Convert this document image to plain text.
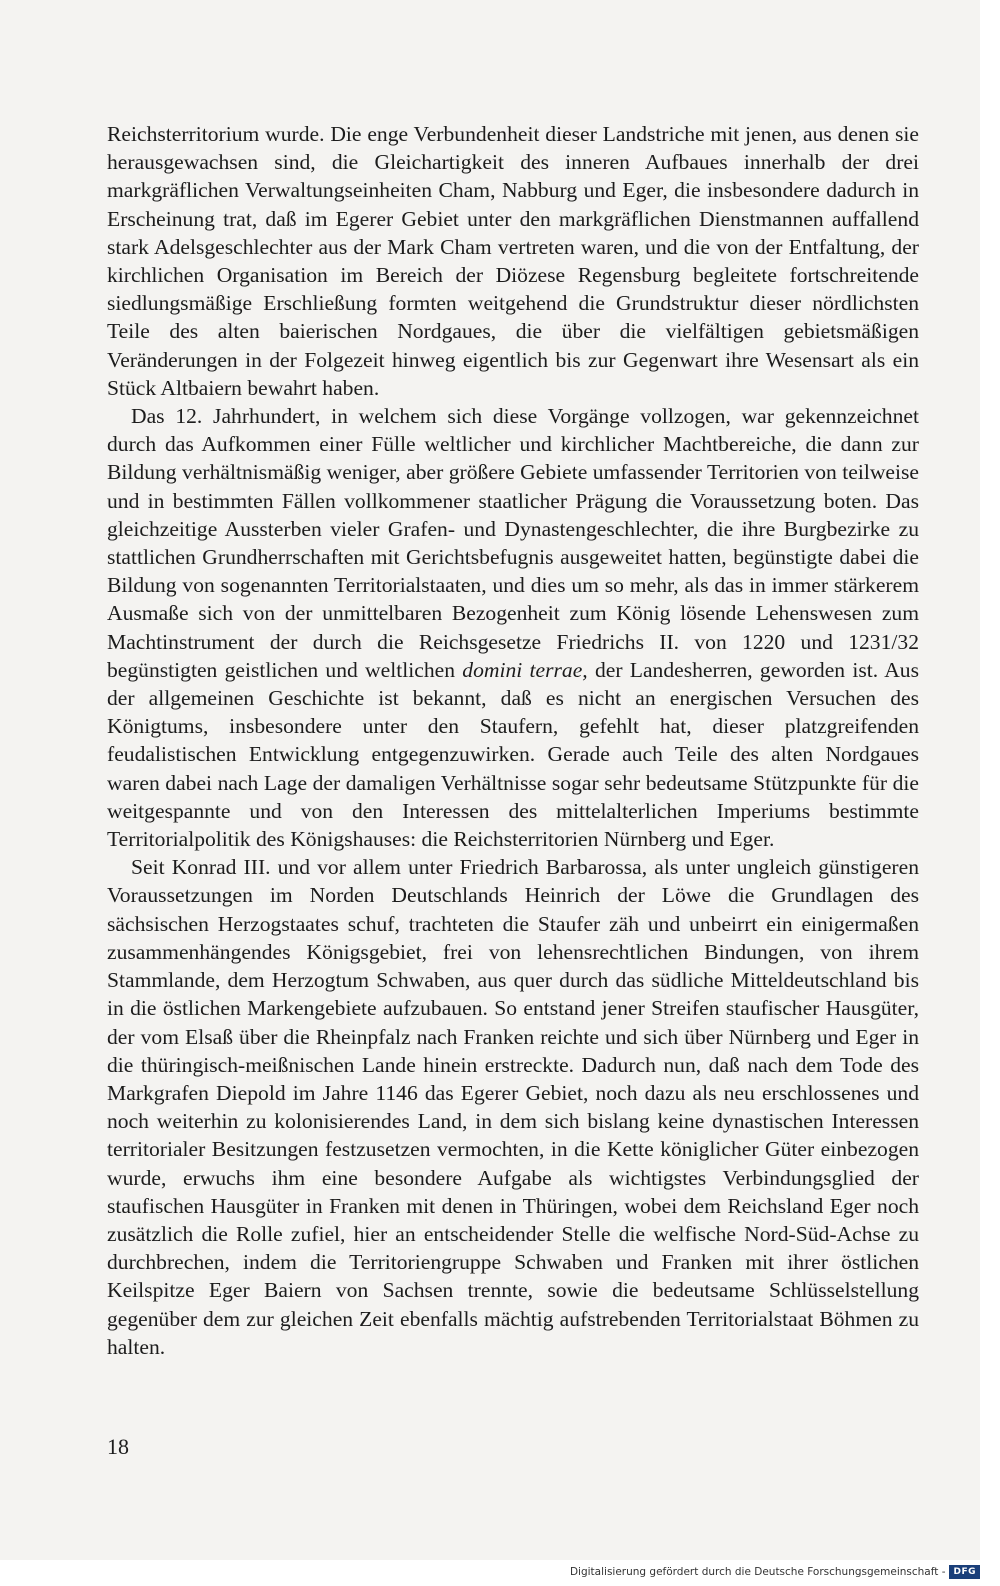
Reichsterritorium wurde. Die enge Verbundenheit dieser Landstriche mit jenen, aus denen sie herausgewachsen sind, die Gleichartigkeit des inneren Aufbaues innerhalb der drei markgräflichen Verwaltungseinheiten Cham, Nabburg und Eger, die insbesondere dadurch in Erscheinung trat, daß im Egerer Gebiet unter den markgräflichen Dienstmannen auffallend stark Adelsgeschlechter aus der Mark Cham vertreten waren, und die von der Entfaltung, der kirchlichen Organisation im Bereich der Diözese Regensburg begleitete fortschreitende siedlungsmäßige Erschließung formten weitgehend die Grundstruktur dieser nördlichsten Teile des alten baierischen Nordgaues, die über die vielfältigen gebietsmäßigen Veränderungen in der Folgezeit hinweg eigentlich bis zur Gegenwart ihre Wesensart als ein Stück Altbaiern bewahrt haben.

Das 12. Jahrhundert, in welchem sich diese Vorgänge vollzogen, war gekennzeichnet durch das Aufkommen einer Fülle weltlicher und kirchlicher Machtbereiche, die dann zur Bildung verhältnismäßig weniger, aber größere Gebiete umfassender Territorien von teilweise und in bestimmten Fällen vollkommener staatlicher Prägung die Voraussetzung boten. Das gleichzeitige Aussterben vieler Grafen- und Dynastengeschlechter, die ihre Burgbezirke zu stattlichen Grundherrschaften mit Gerichtsbefugnis ausgeweitet hatten, begünstigte dabei die Bildung von sogenannten Territorialstaaten, und dies um so mehr, als das in immer stärkerem Ausmaße sich von der unmittelbaren Bezogenheit zum König lösende Lehenswesen zum Machtinstrument der durch die Reichsgesetze Friedrichs II. von 1220 und 1231/32 begünstigten geistlichen und weltlichen domini terrae, der Landesherren, geworden ist. Aus der allgemeinen Geschichte ist bekannt, daß es nicht an energischen Versuchen des Königtums, insbesondere unter den Staufern, gefehlt hat, dieser platzgreifenden feudalistischen Entwicklung entgegenzuwirken. Gerade auch Teile des alten Nordgaues waren dabei nach Lage der damaligen Verhältnisse sogar sehr bedeutsame Stützpunkte für die weitgespannte und von den Interessen des mittelalterlichen Imperiums bestimmte Territorialpolitik des Königshauses: die Reichsterritorien Nürnberg und Eger.

Seit Konrad III. und vor allem unter Friedrich Barbarossa, als unter ungleich günstigeren Voraussetzungen im Norden Deutschlands Heinrich der Löwe die Grundlagen des sächsischen Herzogstaates schuf, trachteten die Staufer zäh und unbeirrt ein einigermaßen zusammenhängendes Königsgebiet, frei von lehensrechtlichen Bindungen, von ihrem Stammlande, dem Herzogtum Schwaben, aus quer durch das südliche Mitteldeutschland bis in die östlichen Markengebiete aufzubauen. So entstand jener Streifen staufischer Hausgüter, der vom Elsaß über die Rheinpfalz nach Franken reichte und sich über Nürnberg und Eger in die thüringisch-meißnischen Lande hinein erstreckte. Dadurch nun, daß nach dem Tode des Markgrafen Diepold im Jahre 1146 das Egerer Gebiet, noch dazu als neu erschlossenes und noch weiterhin zu kolonisierendes Land, in dem sich bislang keine dynastischen Interessen territorialer Besitzungen festzusetzen vermochten, in die Kette königlicher Güter einbezogen wurde, erwuchs ihm eine besondere Aufgabe als wichtigstes Verbindungsglied der staufischen Hausgüter in Franken mit denen in Thüringen, wobei dem Reichsland Eger noch zusätzlich die Rolle zufiel, hier an entscheidender Stelle die welfische Nord-Süd-Achse zu durchbrechen, indem die Territoriengruppe Schwaben und Franken mit ihrer östlichen Keilspitze Eger Baiern von Sachsen trennte, sowie die bedeutsame Schlüsselstellung gegenüber dem zur gleichen Zeit ebenfalls mächtig aufstrebenden Territorialstaat Böhmen zu halten.

18
Digitalisierung gefördert durch die Deutsche Forschungsgemeinschaft - DFG
